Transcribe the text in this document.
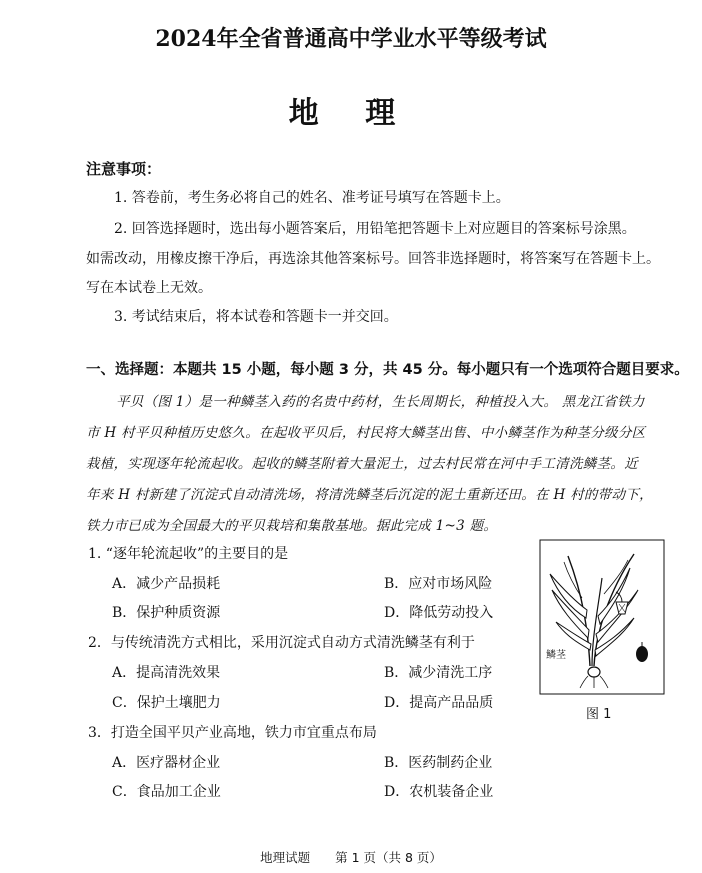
2024年全省普通高中学业水平等级考试
地 理
注意事项：
1. 答卷前，考生务必将自己的姓名、准考证号填写在答题卡上。
2. 回答选择题时，选出每小题答案后，用铅笔把答题卡上对应题目的答案标号涂黑。
如需改动，用橡皮擦干净后，再选涂其他答案标号。回答非选择题时，将答案写在答题卡上。
写在本试卷上无效。
3. 考试结束后，将本试卷和答题卡一并交回。
一、选择题：本题共 15 小题，每小题 3 分，共 45 分。每小题只有一个选项符合题目要求。
平贝（图 1）是一种鳞茎入药的名贵中药材，生长周期长，种植投入大。 黑龙江省铁力
市 H 村平贝种植历史悠久。在起收平贝后，村民将大鳞茎出售、中小鳞茎作为种茎分级分区
栽植，实现逐年轮流起收。起收的鳞茎附着大量泥土，过去村民常在河中手工清洗鳞茎。近
年来 H 村新建了沉淀式自动清洗场，将清洗鳞茎后沉淀的泥土重新还田。在 H 村的带动下，
铁力市已成为全国最大的平贝栽培和集散基地。据此完成 1~3 题。
1. “逐年轮流起收”的主要目的是
A．减少产品损耗	B．应对市场风险
B．保护种质资源	D．降低劳动投入
2．与传统清洗方式相比，采用沉淀式自动方式清洗鳞茎有利于
A．提高清洗效果	B．减少清洗工序
C．保护土壤肥力	D．提高产品品质
3．打造全国平贝产业高地，铁力市宜重点布局
A．医疗器材企业	B．医药制药企业
C．食品加工企业	D．农机装备企业
鳞茎
图 1
地理试题　　第 1 页（共 8 页）
